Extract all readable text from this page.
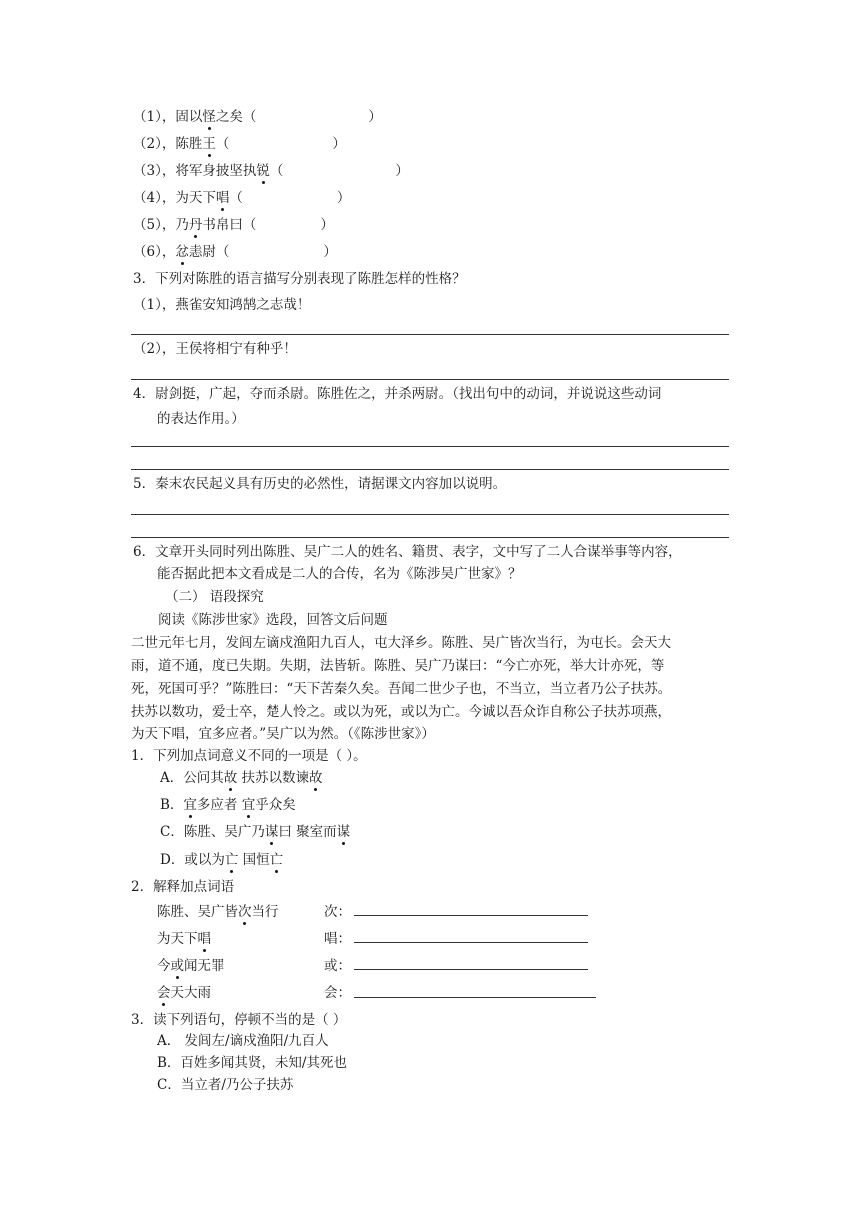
（1），固以怪之矣（	）
（2），陈胜王（	）
（3），将军身披坚执锐（	）
（4），为天下唱（	）
（5），乃丹书帛曰（	）
（6），忿恚尉（	）
3．下列对陈胜的语言描写分别表现了陈胜怎样的性格？
（1），燕雀安知鸿鹄之志哉！
（2），王侯将相宁有种乎！
4．尉剑挺，广起，夺而杀尉。陈胜佐之，并杀两尉。（找出句中的动词，并说说这些动词
的表达作用。）
5．秦末农民起义具有历史的必然性，请据课文内容加以说明。
6．文章开头同时列出陈胜、吴广二人的姓名、籍贯、表字，文中写了二人合谋举事等内容，
能否据此把本文看成是二人的合传，名为《陈涉吴广世家》？
（二） 语段探究
阅读《陈涉世家》选段，回答文后问题
二世元年七月，发闾左谪戍渔阳九百人，屯大泽乡。陈胜、吴广皆次当行，为屯长。会天大
雨，道不通，度已失期。失期，法皆斩。陈胜、吴广乃谋曰：“今亡亦死，举大计亦死，等
死，死国可乎？”陈胜曰：“天下苦秦久矣。吾闻二世少子也，不当立，当立者乃公子扶苏。
扶苏以数功，爱士卒，楚人怜之。或以为死，或以为亡。今诚以吾众诈自称公子扶苏项燕，
为天下唱，宜多应者。”吴广以为然。（《陈涉世家》）
1．下列加点词意义不同的一项是（ ）。
A．公问其故 扶苏以数谏故
B．宜多应者 宜乎众矣
C．陈胜、吴广乃谋曰 聚室而谋
D．或以为亡 国恒亡
2．解释加点词语
陈胜、吴广皆次当行	次：
为天下唱	唱：
今或闻无罪	或：
会天大雨	会：
3．读下列语句，停顿不当的是（ ）
A． 发闾左/谪戍渔阳/九百人
B．百姓多闻其贤，未知/其死也
C．当立者/乃公子扶苏
